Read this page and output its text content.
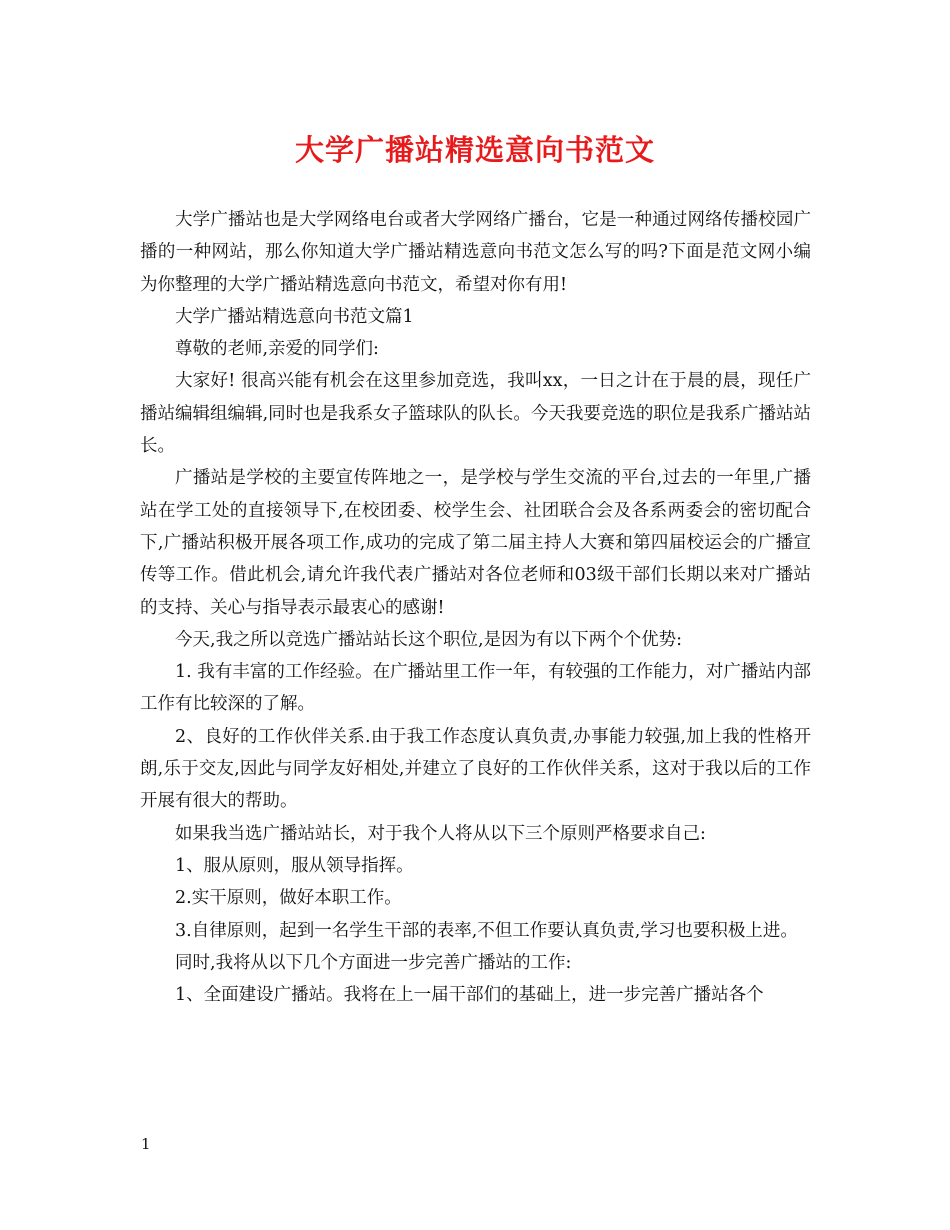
大学广播站精选意向书范文

大学广播站也是大学网络电台或者大学网络广播台，它是一种通过网络传播校园广播的一种网站，那么你知道大学广播站精选意向书范文怎么写的吗?下面是范文网小编为你整理的大学广播站精选意向书范文，希望对你有用!

大学广播站精选意向书范文篇1

尊敬的老师,亲爱的同学们:

大家好! 很高兴能有机会在这里参加竞选，我叫xx，一日之计在于晨的晨，现任广播站编辑组编辑,同时也是我系女子篮球队的队长。今天我要竞选的职位是我系广播站站长。

广播站是学校的主要宣传阵地之一，是学校与学生交流的平台,过去的一年里,广播站在学工处的直接领导下,在校团委、校学生会、社团联合会及各系两委会的密切配合下,广播站积极开展各项工作,成功的完成了第二届主持人大赛和第四届校运会的广播宣传等工作。借此机会,请允许我代表广播站对各位老师和03级干部们长期以来对广播站的支持、关心与指导表示最衷心的感谢!

今天,我之所以竞选广播站站长这个职位,是因为有以下两个个优势:

1. 我有丰富的工作经验。在广播站里工作一年，有较强的工作能力，对广播站内部工作有比较深的了解。

2、良好的工作伙伴关系.由于我工作态度认真负责,办事能力较强,加上我的性格开朗,乐于交友,因此与同学友好相处,并建立了良好的工作伙伴关系，这对于我以后的工作开展有很大的帮助。

如果我当选广播站站长，对于我个人将从以下三个原则严格要求自己:

1、服从原则，服从领导指挥。

2.实干原则，做好本职工作。

3.自律原则，起到一名学生干部的表率,不但工作要认真负责,学习也要积极上进。

同时,我将从以下几个方面进一步完善广播站的工作:

1、全面建设广播站。我将在上一届干部们的基础上，进一步完善广播站各个

1
